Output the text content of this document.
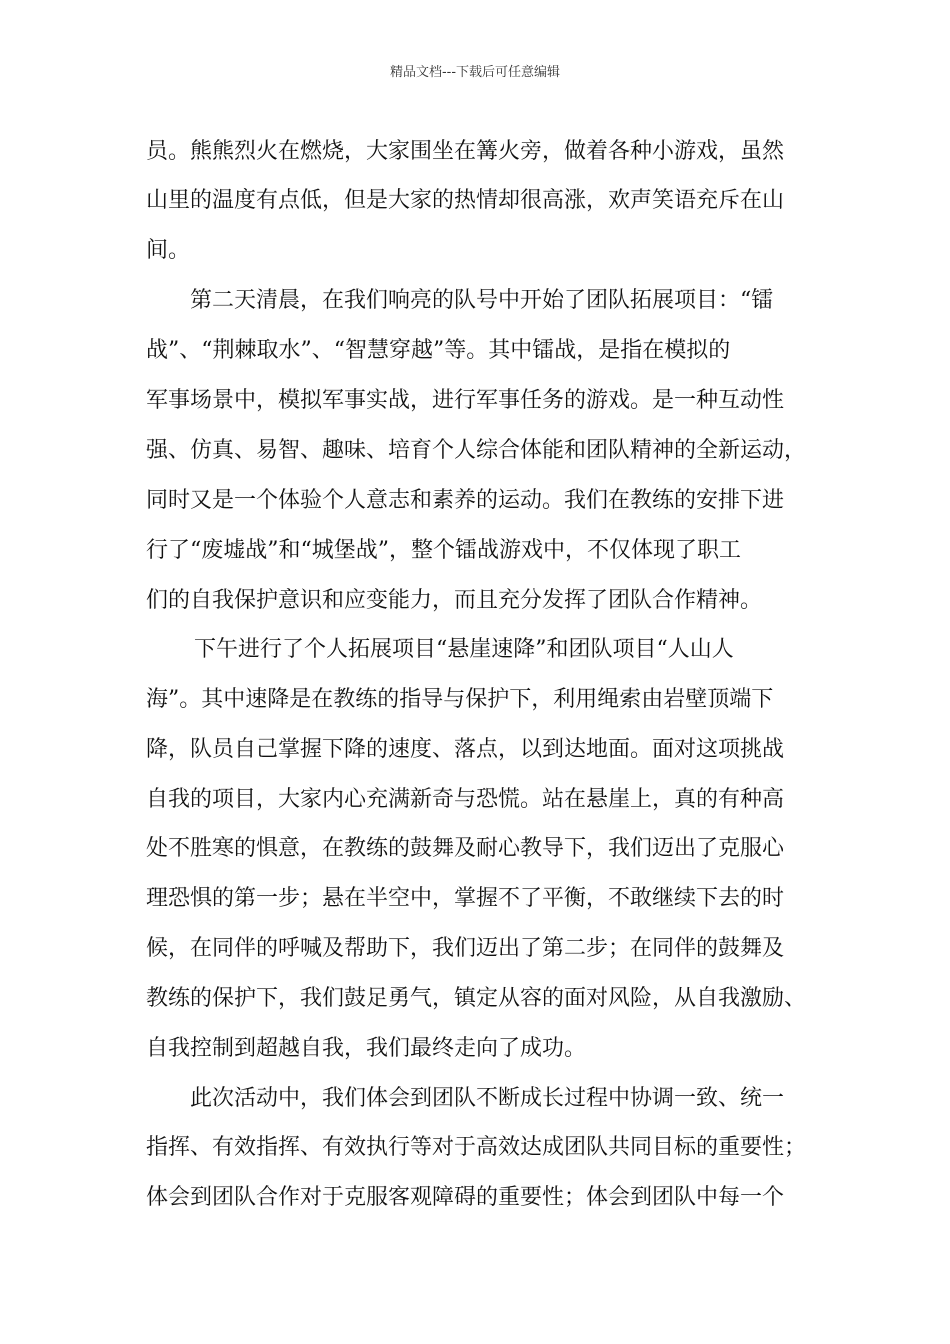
精品文档---下载后可任意编辑
员。熊熊烈火在燃烧，大家围坐在篝火旁，做着各种小游戏，虽然
山里的温度有点低，但是大家的热情却很高涨，欢声笑语充斥在山
间。
第二天清晨，在我们响亮的队号中开始了团队拓展项目：“镭
战”、“荆棘取水”、“智慧穿越”等。其中镭战，是指在模拟的
军事场景中，模拟军事实战，进行军事任务的游戏。是一种互动性
强、仿真、易智、趣味、培育个人综合体能和团队精神的全新运动，
同时又是一个体验个人意志和素养的运动。我们在教练的安排下进
行了“废墟战”和“城堡战”，整个镭战游戏中，不仅体现了职工
们的自我保护意识和应变能力，而且充分发挥了团队合作精神。
下午进行了个人拓展项目“悬崖速降”和团队项目“人山人
海”。其中速降是在教练的指导与保护下，利用绳索由岩壁顶端下
降，队员自己掌握下降的速度、落点，以到达地面。面对这项挑战
自我的项目，大家内心充满新奇与恐慌。站在悬崖上，真的有种高
处不胜寒的惧意，在教练的鼓舞及耐心教导下，我们迈出了克服心
理恐惧的第一步；悬在半空中，掌握不了平衡，不敢继续下去的时
候，在同伴的呼喊及帮助下，我们迈出了第二步；在同伴的鼓舞及
教练的保护下，我们鼓足勇气，镇定从容的面对风险，从自我激励、
自我控制到超越自我，我们最终走向了成功。
此次活动中，我们体会到团队不断成长过程中协调一致、统一
指挥、有效指挥、有效执行等对于高效达成团队共同目标的重要性；
体会到团队合作对于克服客观障碍的重要性；体会到团队中每一个
